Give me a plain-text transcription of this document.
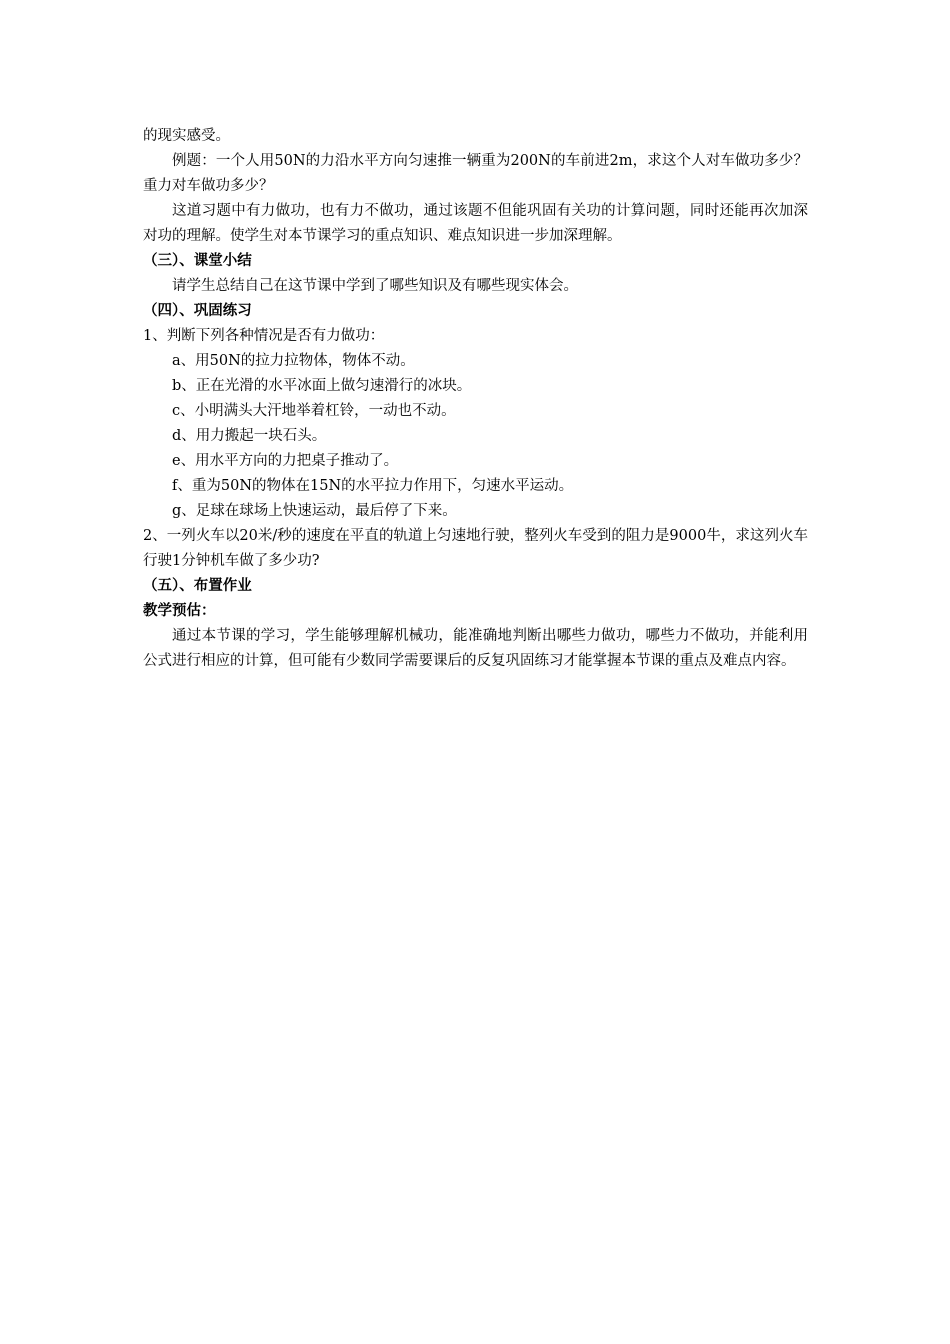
的现实感受。

例题：一个人用50N的力沿水平方向匀速推一辆重为200N的车前进2m，求这个人对车做功多少？重力对车做功多少？

这道习题中有力做功，也有力不做功，通过该题不但能巩固有关功的计算问题，同时还能再次加深对功的理解。使学生对本节课学习的重点知识、难点知识进一步加深理解。

（三）、课堂小结

请学生总结自己在这节课中学到了哪些知识及有哪些现实体会。

（四）、巩固练习

1、判断下列各种情况是否有力做功：

a、用50N的拉力拉物体，物体不动。

b、正在光滑的水平冰面上做匀速滑行的冰块。

c、小明满头大汗地举着杠铃，一动也不动。

d、用力搬起一块石头。

e、用水平方向的力把桌子推动了。

f、重为50N的物体在15N的水平拉力作用下，匀速水平运动。

g、足球在球场上快速运动，最后停了下来。

2、一列火车以20米/秒的速度在平直的轨道上匀速地行驶，整列火车受到的阻力是9000牛，求这列火车行驶1分钟机车做了多少功?

（五）、布置作业

教学预估：

通过本节课的学习，学生能够理解机械功，能准确地判断出哪些力做功，哪些力不做功，并能利用公式进行相应的计算，但可能有少数同学需要课后的反复巩固练习才能掌握本节课的重点及难点内容。
